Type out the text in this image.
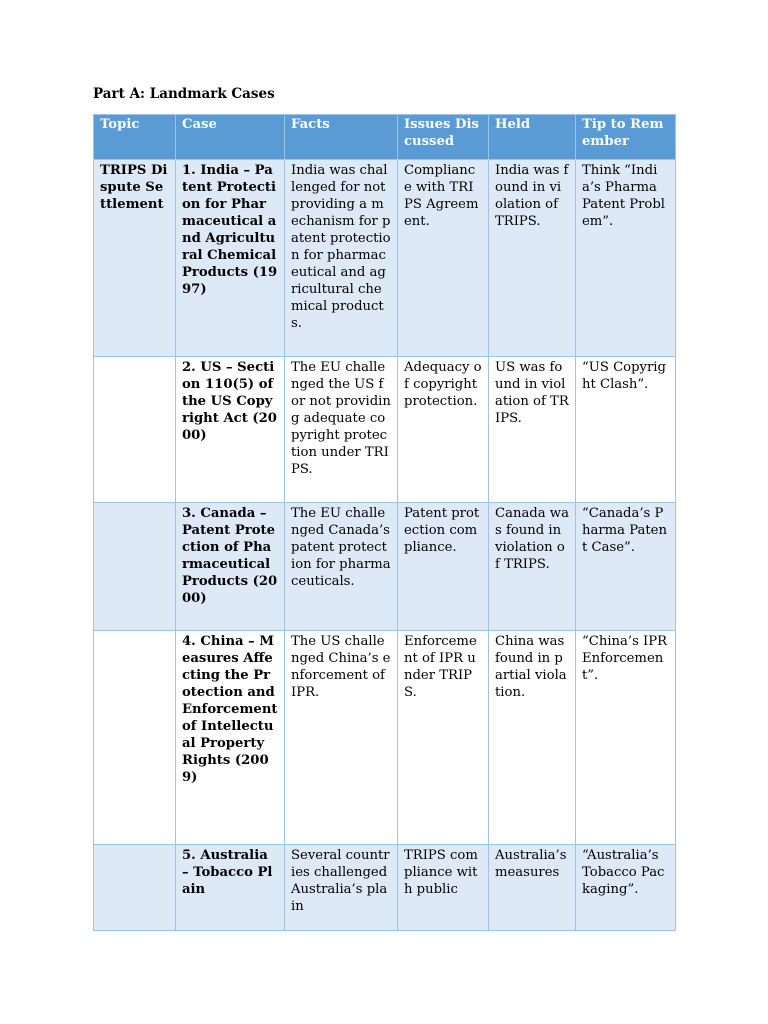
Part A: Landmark Cases
Topic	Case	Facts	Issues Discussed	Held	Tip to Remember
TRIPS Dispute Settlement	1. India – Patent Protection for Pharmaceutical and Agricultural Chemical Products (1997)	India was challenged for not providing a mechanism for patent protection for pharmaceutical and agricultural chemical products.	Compliance with TRIPS Agreement.	India was found in violation of TRIPS.	Think “India’s Pharma Patent Problem”.
	2. US – Section 110(5) of the US Copyright Act (2000)	The EU challenged the US for not providing adequate copyright protection under TRIPS.	Adequacy of copyright protection.	US was found in violation of TRIPS.	“US Copyright Clash”.
	3. Canada – Patent Protection of Pharmaceutical Products (2000)	The EU challenged Canada’s patent protection for pharmaceuticals.	Patent protection compliance.	Canada was found in violation of TRIPS.	“Canada’s Pharma Patent Case”.
	4. China – Measures Affecting the Protection and Enforcement of Intellectual Property Rights (2009)	The US challenged China’s enforcement of IPR.	Enforcement of IPR under TRIPS.	China was found in partial violation.	“China’s IPR Enforcement”.
	5. Australia – Tobacco Plain	Several countries challenged Australia’s plain	TRIPS compliance with public	Australia’s measures	“Australia’s Tobacco Packaging”.
